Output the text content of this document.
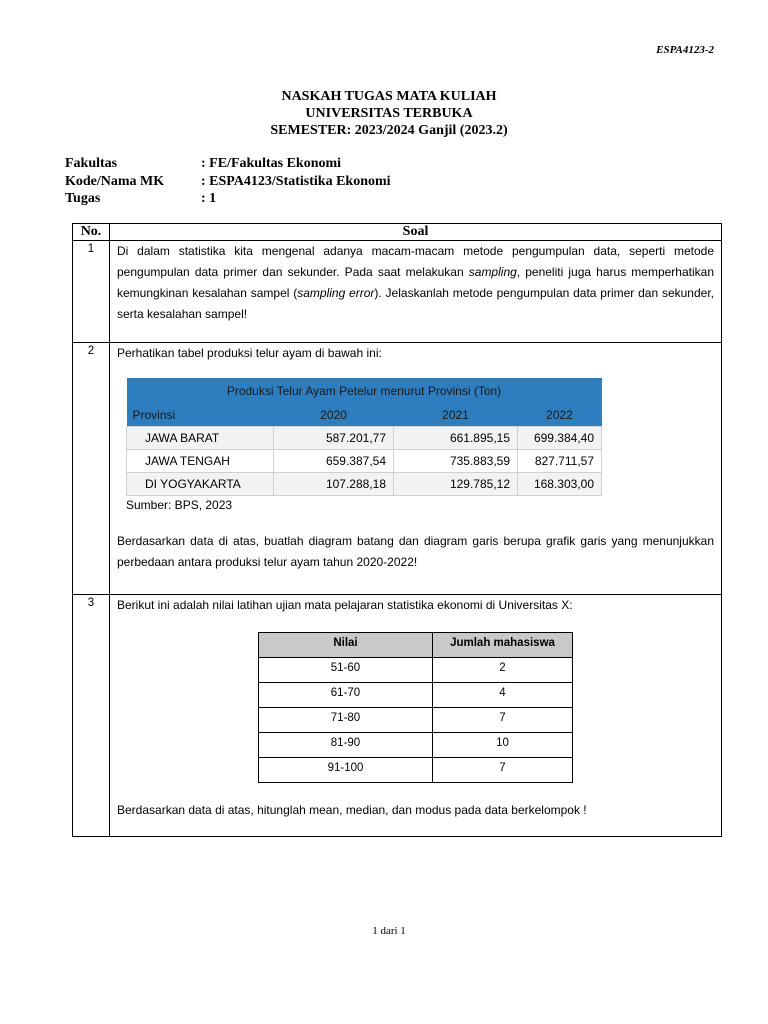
ESPA4123-2
NASKAH TUGAS MATA KULIAH
UNIVERSITAS TERBUKA
SEMESTER: 2023/2024 Ganjil (2023.2)
Fakultas	: FE/Fakultas Ekonomi
Kode/Nama MK	: ESPA4123/Statistika Ekonomi
Tugas	: 1
No.	Soal
1	Di dalam statistika kita mengenal adanya macam-macam metode pengumpulan data, seperti metode pengumpulan data primer dan sekunder. Pada saat melakukan sampling, peneliti juga harus memperhatikan kemungkinan kesalahan sampel (sampling error). Jelaskanlah metode pengumpulan data primer dan sekunder, serta kesalahan sampel!

2	Perhatikan tabel produksi telur ayam di bawah ini:

Produksi Telur Ayam Petelur menurut Provinsi (Ton)
Provinsi	2020	2021	2022
JAWA BARAT	587.201,77	661.895,15	699.384,40
JAWA TENGAH	659.387,54	735.883,59	827.711,57
DI YOGYAKARTA	107.288,18	129.785,12	168.303,00
Sumber: BPS, 2023

Berdasarkan data di atas, buatlah diagram batang dan diagram garis berupa grafik garis yang menunjukkan perbedaan antara produksi telur ayam tahun 2020-2022!

3	Berikut ini adalah nilai latihan ujian mata pelajaran statistika ekonomi di Universitas X:

Nilai	Jumlah mahasiswa
51-60	2
61-70	4
71-80	7
81-90	10
91-100	7

Berdasarkan data di atas, hitunglah mean, median, dan modus pada data berkelompok !

1 dari 1
